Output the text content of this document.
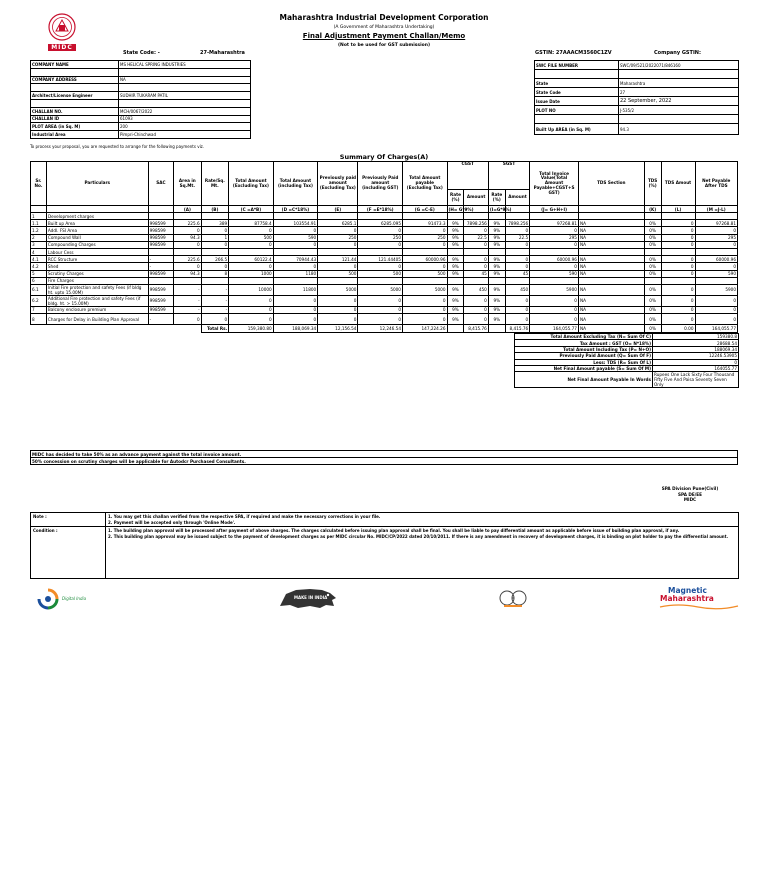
MIDC
Maharashtra Industrial Development Corporation
(A Government of Maharashtra Undertaking)
Final Adjustment Payment Challan/Memo
(Not to be used for GST submission)
State Code: -	27-Maharashtra	GSTIN: 27AAACM3560C1ZV	Company GSTIN:
COMPANY NAME	MS HELICAL SPRING INDUSTRIES

COMPANY ADDRESS	NA

Architect/License Engineer	SUDHIR TUKARAM PATIL

CHALLAN NO.	MCH/0067/2022
CHALLAN ID	61093
PLOT AREA (in Sq. M)	200
Industrial Area	Pimpri-Chinchwad
SWC FILE NUMBER	SWC/09/521/2022071/846160

State	Maharashtra
State Code	27
Issue Date	22 September, 2022
PLOT NO	J-535/2

Built Up AREA (in Sq. M)	94.3
To process your proposal, you are requested to arrange for the following payments viz.
Summary Of Charges(A)
Sr. No.	Particulars	SAC	Area in Sq.Mt.	Rate/Sq. Mt.	Total Amount (Excluding Tax)	Total Amount (including Tax)	Previously paid amount (Excluding Tax)	Previously Paid amount (including GST)	Total Amount payable (Excluding Tax)	CGST		SGST		Total Invoice Value(Total Amount Payable+CGST+S GST)	TDS Section	TDS (%)	TDS Amout	Net Payable After TDS
										Rate (%)	Amount	Rate (%)	Amount					
			(A)	(B)	(C =A*B)	(D =C*18%)	(E)	(F =E*18%)	(G =C-E)	(H= G*9%)		(I=G*9%)		(J= G+H+I)		(K)	(L)	(M =J-L)
1	Development charges																	
1.1	Built up Area	998599	225.6	389	87758.4	103554.91	6285.1	6285.095	91473.3	9%	7898.256	9%	7898.256	97268.81	NA	0%	0	97268.81
1.2	Addl. FSI Area	998599	0	0	0	0	0	0	0	9%	0	9%	0	0	NA	0%	0	0
2	Compound Wall	998599	94.3	1	500	590	250	250	250	9%	22.5	9%	22.5	295	NA	0%	0	295
3	Compounding Charges	998599	0	0	0	0	0	0	0	9%	0	9%	0	0	NA	0%	0	0
4	Labour Cess																	
4.1	RCC Structure	-	225.6	266.5	60122.4	70944.43	121.44	121.44405	60000.96	9%	0	9%	0	60000.96	NA	0%	0	60000.96
4.2	Shed	-	0	0	0	0	0	0	0	9%	0	9%	0	0	NA	0%	0	0
5	Scrutiny Charges	998599	94.3	8	1000	1180	500	500	500	9%	45	9%	45	590	NA	0%	0	590
6	Fire Charges																	
6.1	Initial Fire protection and safety Fees (if bldg ht. upto 15.00M)	998599	-	-	10000	11800	5000	5000	5000	9%	450	9%	450	5900	NA	0%	0	5900
6.2	Additional Fire protection and safety Fees (if bldg. ht. > 15.00M)	998599	-	-	0	0	0	0	0	9%	0	9%	0	0	NA	0%	0	0
7	Balcony enclosure premium	998599	-	-	0	0	0	0	0	9%	0	9%	0	0	NA	0%	0	0
8	Charges for Delay in Building Plan Approval	-	0	0	0	0	0	0	0	9%	0	9%	0	0	NA	0%	0	0
				Total Rs.	159,380.80	188,069.34	12,156.54	12,246.54	147,224.26		8,415.76		8,415.76	164,055.77	NA	0%	0.00	164,055.77
Total Amount Excluding Tax (N= Sum Of C)	159380.8
Tax Amount : GST (O= N*18%)	28688.54
Total Amount Including Tax (P= N+O)	188069.34
Previously Paid Amount (Q= Sum Of F)	12246.53905
Less: TDS (R= Sum Of L)	0
Net Final Amount payable (S= Sum Of M)	164055.77
Net Final Amount Payable In Words	Rupees One Lack Sixty Four Thousand Fifty Five And Paisa Seventy Seven Only
MIDC has decided to take 50% as an advance payment against the total invoice amount.
50% concession on scrutiny charges will be applicable for Autodcr Purchased Consultants.
SPA Division Pune(Civil)
SPA DE/EE
MIDC
Note :	1. You may get this challan verified from the respective SPA, if required and make the necessary corrections in your file.
2. Payment will be accepted only through 'Online Mode'.

Condition :	1. The building plan approval will be processed after payment of above charges. The charges calculated before issuing plan approval shall be final. You shall be liable to pay differential amount as applicable before issue of building plan approval, if any.
2. This building plan approval may be issued subject to the payment of development charges as per MIDC circular No. MIDC/CP/2022 dated 20/10/2011. If there is any amendment in recovery of development charges, it is binding on plot holder to pay the differential amount.
Digital India	MAKE IN INDIA
Magnetic
Maharashtra
